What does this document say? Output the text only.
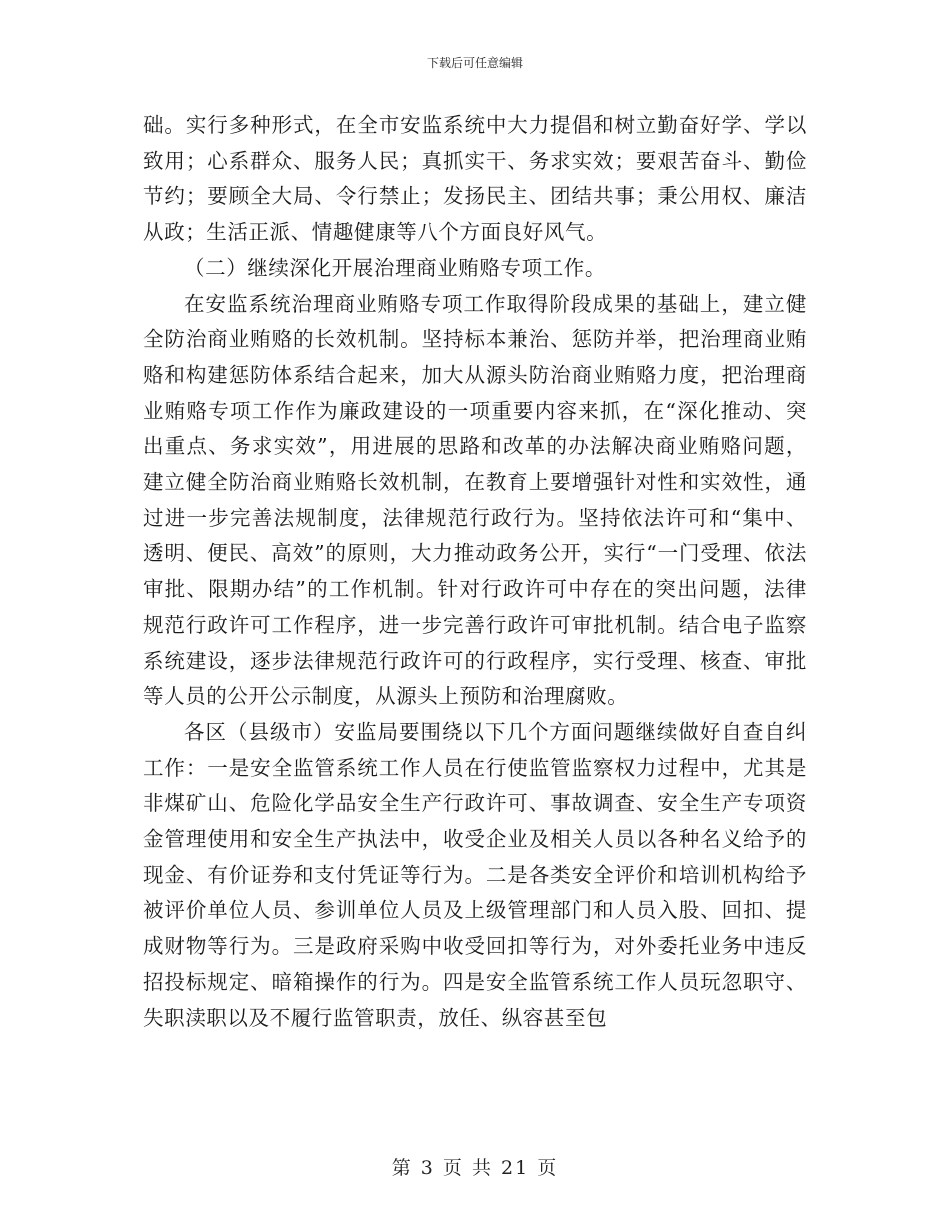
下载后可任意编辑

础。实行多种形式，在全市安监系统中大力提倡和树立勤奋好学、学以致用；心系群众、服务人民；真抓实干、务求实效；要艰苦奋斗、勤俭节约；要顾全大局、令行禁止；发扬民主、团结共事；秉公用权、廉洁从政；生活正派、情趣健康等八个方面良好风气。

（二）继续深化开展治理商业贿赂专项工作。

在安监系统治理商业贿赂专项工作取得阶段成果的基础上，建立健全防治商业贿赂的长效机制。坚持标本兼治、惩防并举，把治理商业贿赂和构建惩防体系结合起来，加大从源头防治商业贿赂力度，把治理商业贿赂专项工作作为廉政建设的一项重要内容来抓，在“深化推动、突出重点、务求实效”，用进展的思路和改革的办法解决商业贿赂问题，建立健全防治商业贿赂长效机制，在教育上要增强针对性和实效性，通过进一步完善法规制度，法律规范行政行为。坚持依法许可和“集中、透明、便民、高效”的原则，大力推动政务公开，实行“一门受理、依法审批、限期办结”的工作机制。针对行政许可中存在的突出问题，法律规范行政许可工作程序，进一步完善行政许可审批机制。结合电子监察系统建设，逐步法律规范行政许可的行政程序，实行受理、核查、审批等人员的公开公示制度，从源头上预防和治理腐败。

各区（县级市）安监局要围绕以下几个方面问题继续做好自查自纠工作：一是安全监管系统工作人员在行使监管监察权力过程中，尤其是非煤矿山、危险化学品安全生产行政许可、事故调查、安全生产专项资金管理使用和安全生产执法中，收受企业及相关人员以各种名义给予的现金、有价证券和支付凭证等行为。二是各类安全评价和培训机构给予被评价单位人员、参训单位人员及上级管理部门和人员入股、回扣、提成财物等行为。三是政府采购中收受回扣等行为，对外委托业务中违反招投标规定、暗箱操作的行为。四是安全监管系统工作人员玩忽职守、失职渎职以及不履行监管职责，放任、纵容甚至包

第 3 页 共 21 页
